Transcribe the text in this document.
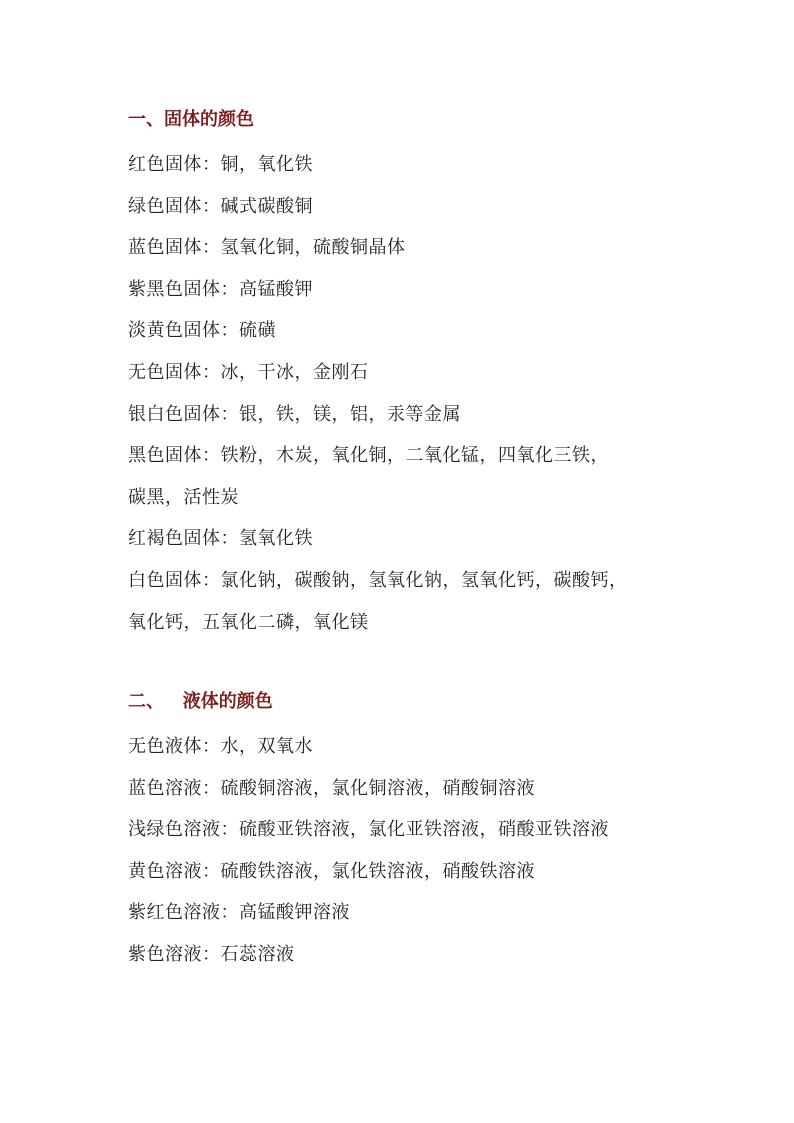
一、固体的颜色
红色固体：铜，氧化铁
绿色固体：碱式碳酸铜
蓝色固体：氢氧化铜，硫酸铜晶体
紫黑色固体：高锰酸钾
淡黄色固体：硫磺
无色固体：冰，干冰，金刚石
银白色固体：银，铁，镁，铝，汞等金属
黑色固体：铁粉，木炭，氧化铜，二氧化锰，四氧化三铁，
碳黑，活性炭
红褐色固体：氢氧化铁
白色固体：氯化钠，碳酸钠，氢氧化钠，氢氧化钙，碳酸钙，
氧化钙，五氧化二磷，氧化镁
二、   液体的颜色
无色液体：水，双氧水
蓝色溶液：硫酸铜溶液，氯化铜溶液，硝酸铜溶液
浅绿色溶液：硫酸亚铁溶液，氯化亚铁溶液，硝酸亚铁溶液
黄色溶液：硫酸铁溶液，氯化铁溶液，硝酸铁溶液
紫红色溶液：高锰酸钾溶液
紫色溶液：石蕊溶液
